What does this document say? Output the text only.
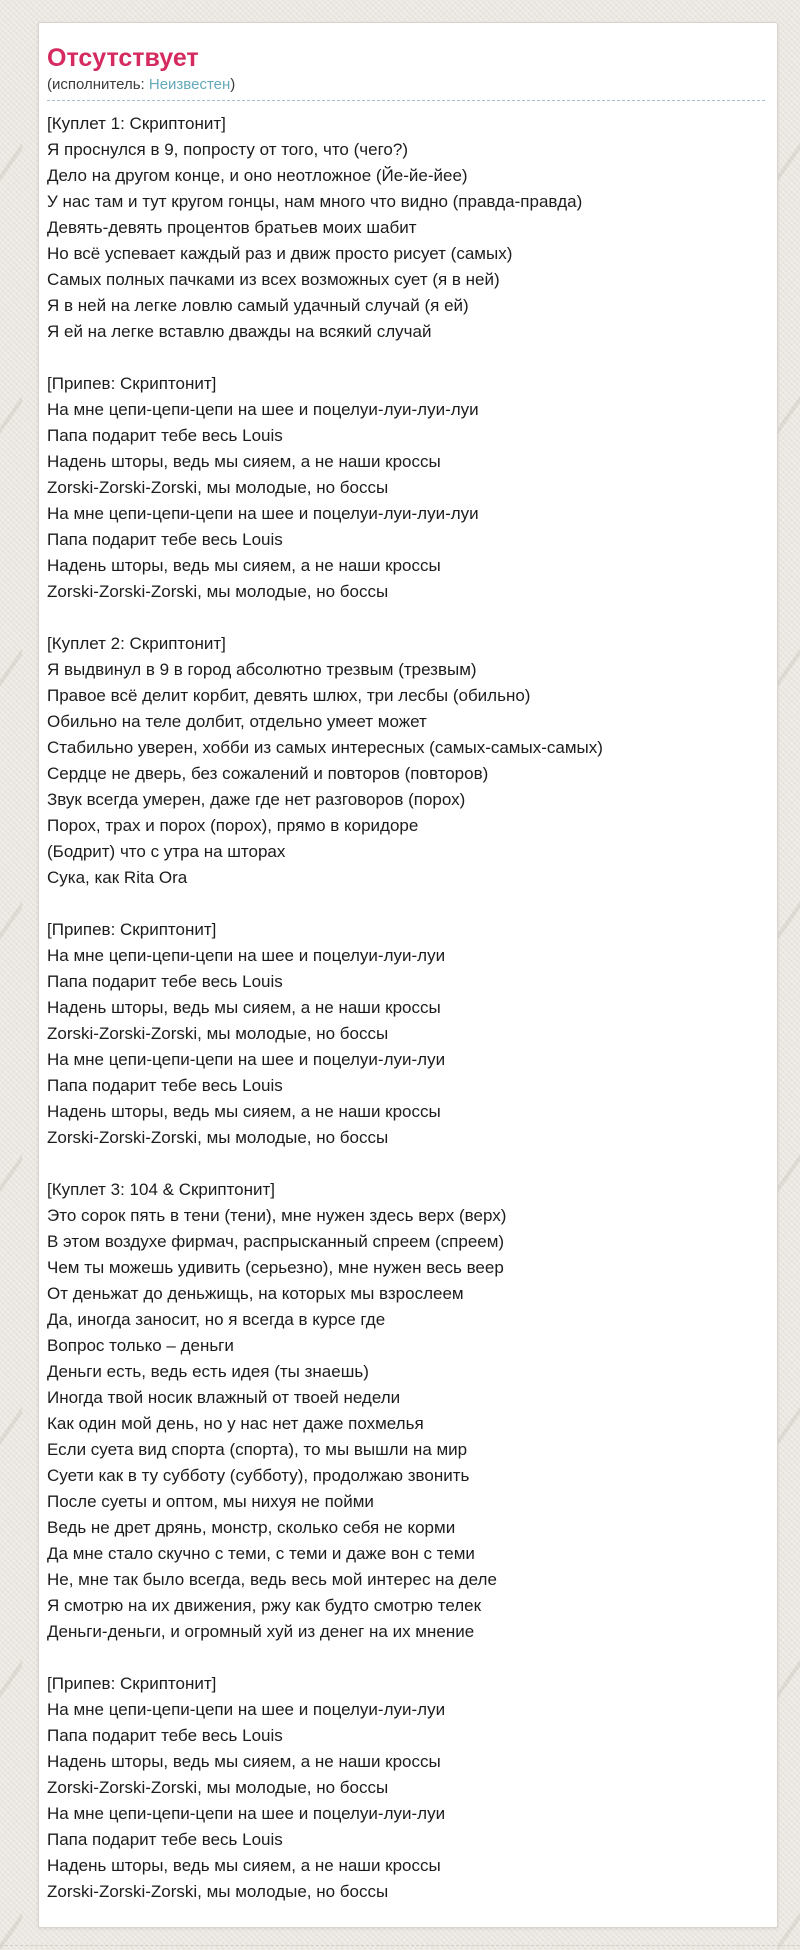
Отсутствует
(исполнитель: Неизвестен)
[Куплет 1: Скриптонит]
Я проснулся в 9, попросту от того, что (чего?)
Дело на другом конце, и оно неотложное (Йе-йе-йее)
У нас там и тут кругом гонцы, нам много что видно (правда-правда)
Девять-девять процентов братьев моих шабит
Но всё успевает каждый раз и движ просто рисует (самых)
Самых полных пачками из всех возможных сует (я в ней)
Я в ней на легке ловлю самый удачный случай (я ей)
Я ей на легке вставлю дважды на всякий случай
[Припев: Скриптонит]
На мне цепи-цепи-цепи на шее и поцелуи-луи-луи-луи
Папа подарит тебе весь Louis
Надень шторы, ведь мы сияем, а не наши кроссы
Zorski-Zorski-Zorski, мы молодые, но боссы
На мне цепи-цепи-цепи на шее и поцелуи-луи-луи-луи
Папа подарит тебе весь Louis
Надень шторы, ведь мы сияем, а не наши кроссы
Zorski-Zorski-Zorski, мы молодые, но боссы
[Куплет 2: Скриптонит]
Я выдвинул в 9 в город абсолютно трезвым (трезвым)
Правое всё делит корбит, девять шлюх, три лесбы (обильно)
Обильно на теле долбит, отдельно умеет может
Стабильно уверен, хобби из самых интересных (самых-самых-самых)
Сердце не дверь, без сожалений и повторов (повторов)
Звук всегда умерен, даже где нет разговоров (порох)
Порох, трах и порох (порох), прямо в коридоре
(Бодрит) что с утра на шторах
Сука, как Rita Ora
[Припев: Скриптонит]
На мне цепи-цепи-цепи на шее и поцелуи-луи-луи
Папа подарит тебе весь Louis
Надень шторы, ведь мы сияем, а не наши кроссы
Zorski-Zorski-Zorski, мы молодые, но боссы
На мне цепи-цепи-цепи на шее и поцелуи-луи-луи
Папа подарит тебе весь Louis
Надень шторы, ведь мы сияем, а не наши кроссы
Zorski-Zorski-Zorski, мы молодые, но боссы
[Куплет 3: 104 & Скриптонит]
Это сорок пять в тени (тени), мне нужен здесь верх (верх)
В этом воздухе фирмач, распрысканный спреем (спреем)
Чем ты можешь удивить (серьезно), мне нужен весь веер
От деньжат до деньжищь, на которых мы взрослеем
Да, иногда заносит, но я всегда в курсе где
Вопрос только – деньги
Деньги есть, ведь есть идея (ты знаешь)
Иногда твой носик влажный от твоей недели
Как один мой день, но у нас нет даже похмелья
Если суета вид спорта (спорта), то мы вышли на мир
Суети как в ту субботу (субботу), продолжаю звонить
После суеты и оптом, мы нихуя не пойми
Ведь не дрет дрянь, монстр, сколько себя не корми
Да мне стало скучно с теми, с теми и даже вон с теми
Не, мне так было всегда, ведь весь мой интерес на деле
Я смотрю на их движения, ржу как будто смотрю телек
Деньги-деньги, и огромный хуй из денег на их мнение
[Припев: Скриптонит]
На мне цепи-цепи-цепи на шее и поцелуи-луи-луи
Папа подарит тебе весь Louis
Надень шторы, ведь мы сияем, а не наши кроссы
Zorski-Zorski-Zorski, мы молодые, но боссы
На мне цепи-цепи-цепи на шее и поцелуи-луи-луи
Папа подарит тебе весь Louis
Надень шторы, ведь мы сияем, а не наши кроссы
Zorski-Zorski-Zorski, мы молодые, но боссы
